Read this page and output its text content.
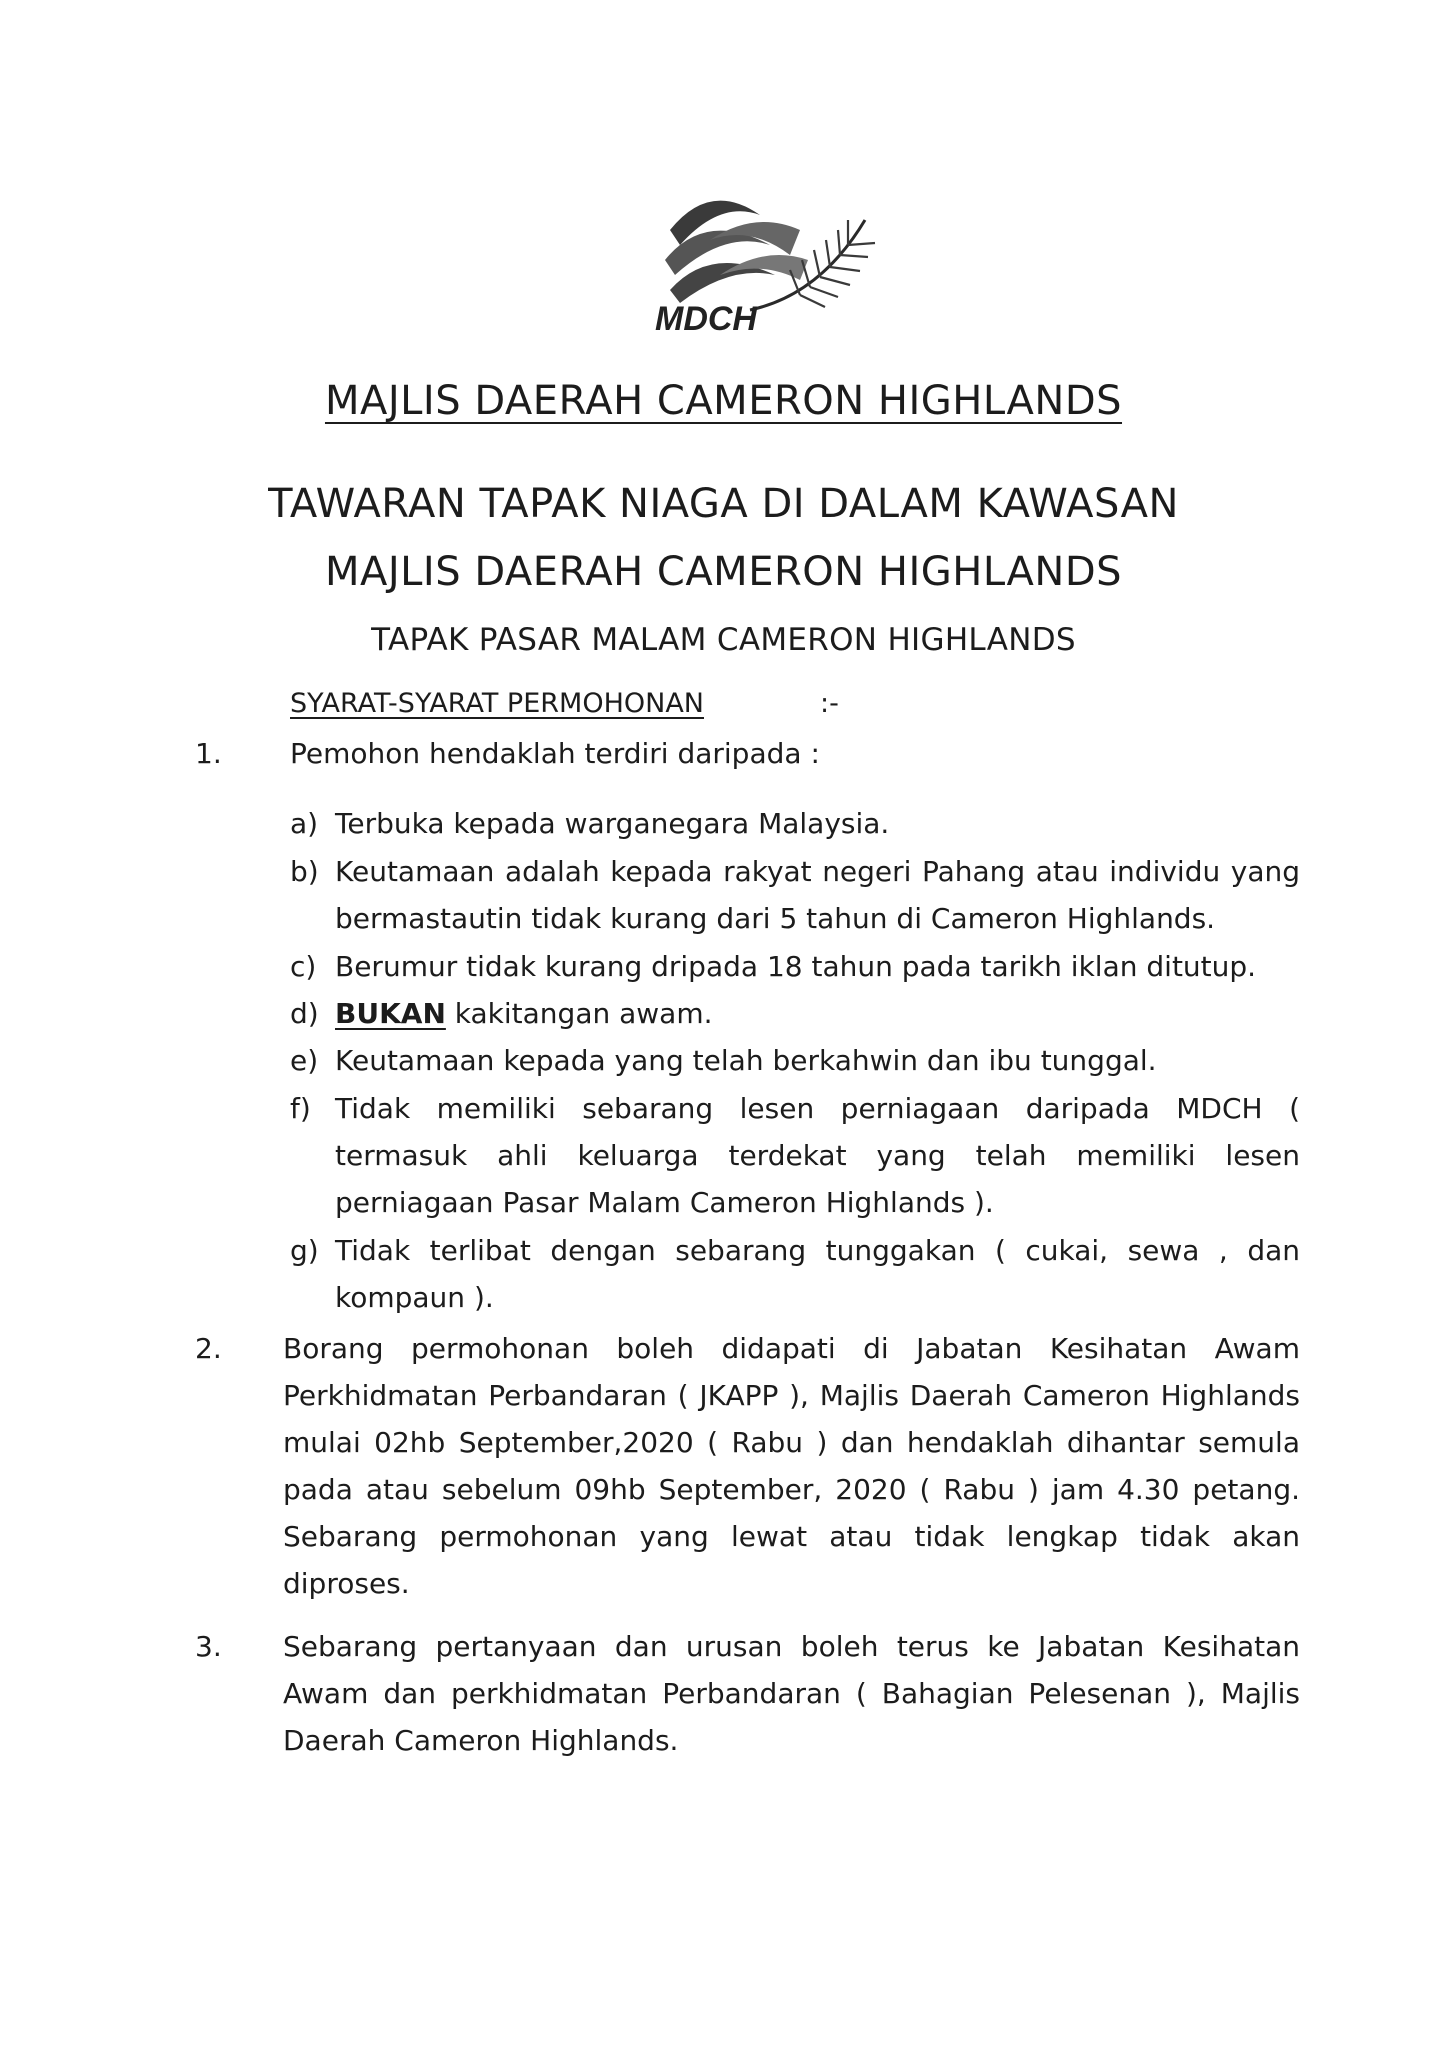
MDCH
MAJLIS DAERAH CAMERON HIGHLANDS
TAWARAN TAPAK NIAGA DI DALAM KAWASAN
MAJLIS DAERAH CAMERON HIGHLANDS
TAPAK PASAR MALAM CAMERON HIGHLANDS
SYARAT-SYARAT PERMOHONAN	:-
1. Pemohon hendaklah terdiri daripada :
a) Terbuka kepada warganegara Malaysia.
b) Keutamaan adalah kepada rakyat negeri Pahang atau individu yang bermastautin tidak kurang dari 5 tahun di Cameron Highlands.
c) Berumur tidak kurang dripada 18 tahun pada tarikh iklan ditutup.
d) BUKAN kakitangan awam.
e) Keutamaan kepada yang telah berkahwin dan ibu tunggal.
f) Tidak memiliki sebarang lesen perniagaan daripada MDCH ( termasuk ahli keluarga terdekat yang telah memiliki lesen perniagaan Pasar Malam Cameron Highlands ).
g) Tidak terlibat dengan sebarang tunggakan ( cukai, sewa , dan kompaun ).
2. Borang permohonan boleh didapati di Jabatan Kesihatan Awam Perkhidmatan Perbandaran ( JKAPP ), Majlis Daerah Cameron Highlands mulai 02hb September,2020 ( Rabu ) dan hendaklah dihantar semula pada atau sebelum 09hb September, 2020 ( Rabu ) jam 4.30 petang. Sebarang permohonan yang lewat atau tidak lengkap tidak akan diproses.
3. Sebarang pertanyaan dan urusan boleh terus ke Jabatan Kesihatan Awam dan perkhidmatan Perbandaran ( Bahagian Pelesenan ), Majlis Daerah Cameron Highlands.
